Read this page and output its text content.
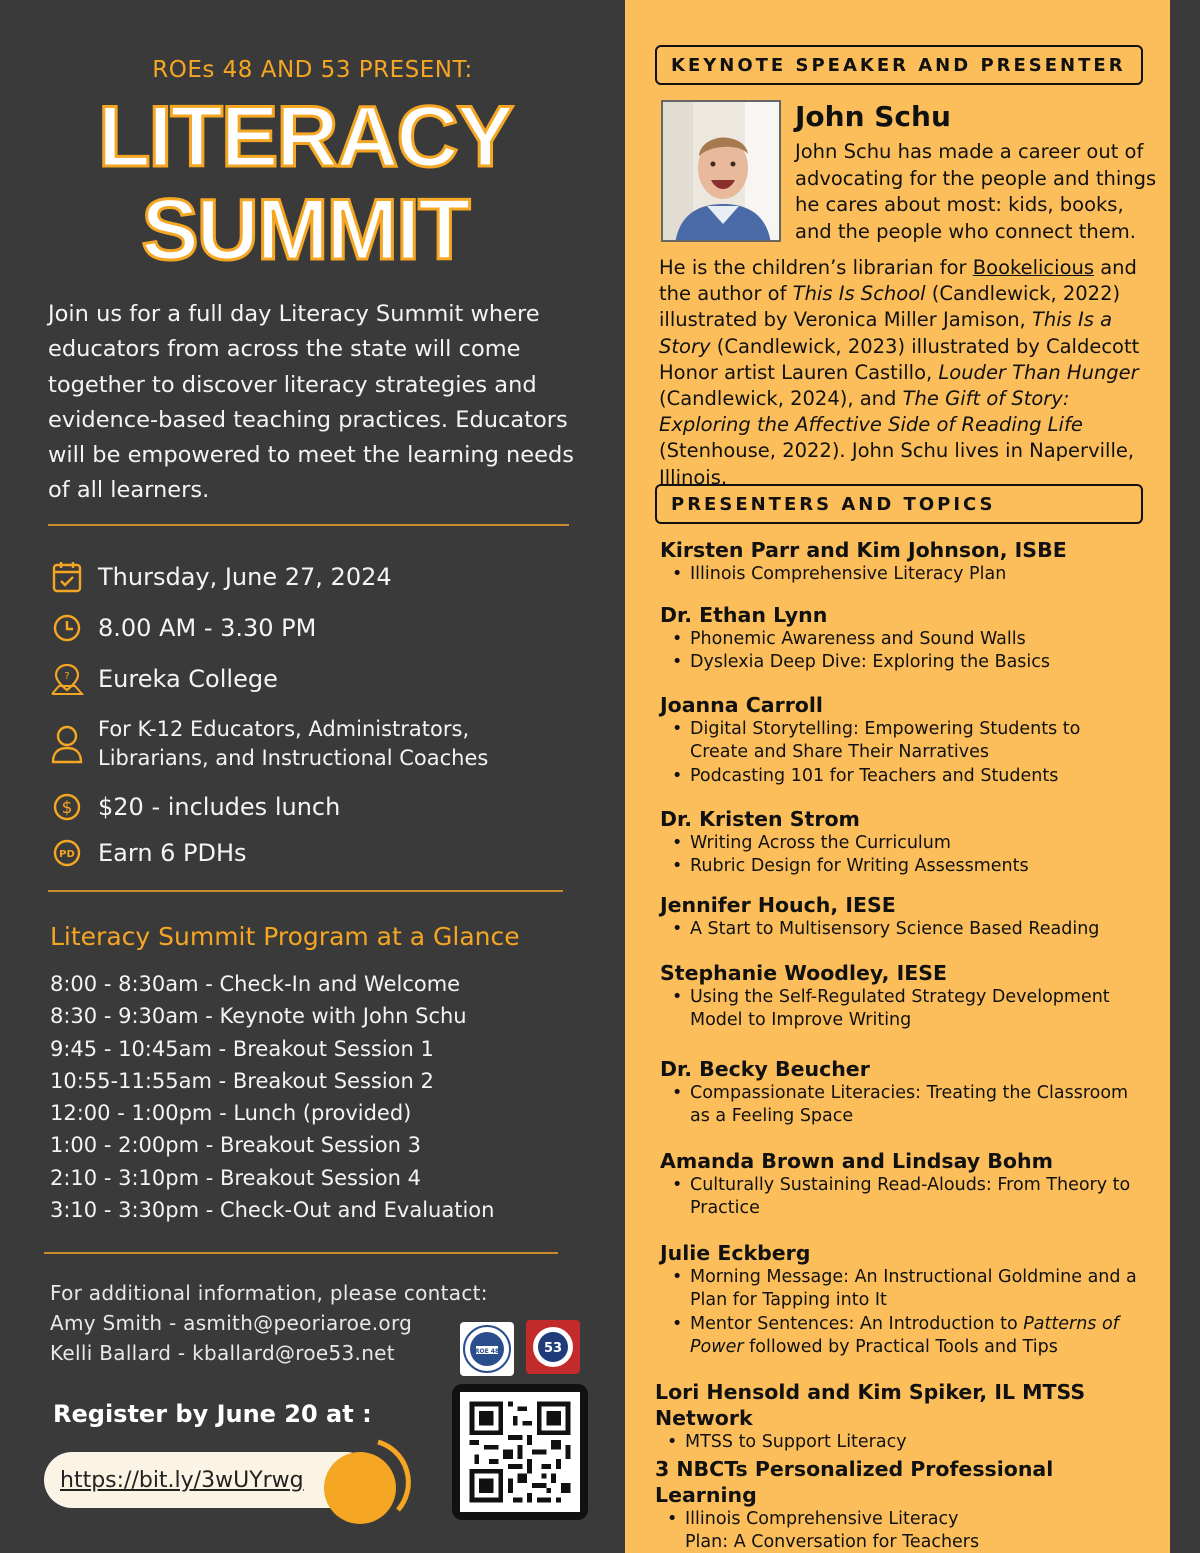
ROEs 48 AND 53 PRESENT:
LITERACY
SUMMIT
Join us for a full day Literacy Summit where educators from across the state will come together to discover literacy strategies and evidence-based teaching practices. Educators will be empowered to meet the learning needs of all learners.
Thursday, June 27, 2024
8.00 AM - 3.30 PM
? Eureka College
For K-12 Educators, Administrators,
Librarians, and Instructional Coaches
$ $20 - includes lunch
PD Earn 6 PDHs
Literacy Summit Program at a Glance
8:00 - 8:30am - Check-In and Welcome
8:30 - 9:30am - Keynote with John Schu
9:45 - 10:45am - Breakout Session 1
10:55-11:55am - Breakout Session 2
12:00 - 1:00pm - Lunch (provided)
1:00 - 2:00pm - Breakout Session 3
2:10 - 3:10pm - Breakout Session 4
3:10 - 3:30pm - Check-Out and Evaluation
For additional information, please contact:
Amy Smith - asmith@peoriaroe.org
Kelli Ballard - kballard@roe53.net	ROE 48	53
Register by June 20 at :
https://bit.ly/3wUYrwg
KEYNOTE SPEAKER AND PRESENTER
John Schu
John Schu has made a career out of advocating for the people and things he cares about most: kids, books, and the people who connect them.
He is the children’s librarian for Bookelicious and the author of This Is School (Candlewick, 2022) illustrated by Veronica Miller Jamison, This Is a Story (Candlewick, 2023) illustrated by Caldecott Honor artist Lauren Castillo, Louder Than Hunger (Candlewick, 2024), and The Gift of Story: Exploring the Affective Side of Reading Life (Stenhouse, 2022). John Schu lives in Naperville, Illinois.
PRESENTERS AND TOPICS
Kirsten Parr and Kim Johnson, ISBE
• Illinois Comprehensive Literacy Plan
Dr. Ethan Lynn
• Phonemic Awareness and Sound Walls
• Dyslexia Deep Dive: Exploring the Basics
Joanna Carroll
• Digital Storytelling: Empowering Students to Create and Share Their Narratives
• Podcasting 101 for Teachers and Students
Dr. Kristen Strom
• Writing Across the Curriculum
• Rubric Design for Writing Assessments
Jennifer Houch, IESE
• A Start to Multisensory Science Based Reading
Stephanie Woodley, IESE
• Using the Self-Regulated Strategy Development Model to Improve Writing
Dr. Becky Beucher
• Compassionate Literacies: Treating the Classroom as a Feeling Space
Amanda Brown and Lindsay Bohm
• Culturally Sustaining Read-Alouds: From Theory to Practice
Julie Eckberg
• Morning Message: An Instructional Goldmine and a Plan for Tapping into It
• Mentor Sentences: An Introduction to Patterns of Power followed by Practical Tools and Tips
Lori Hensold and Kim Spiker, IL MTSS Network
• MTSS to Support Literacy
3 NBCTs Personalized Professional Learning
• Illinois Comprehensive Literacy Plan: A Conversation for Teachers
